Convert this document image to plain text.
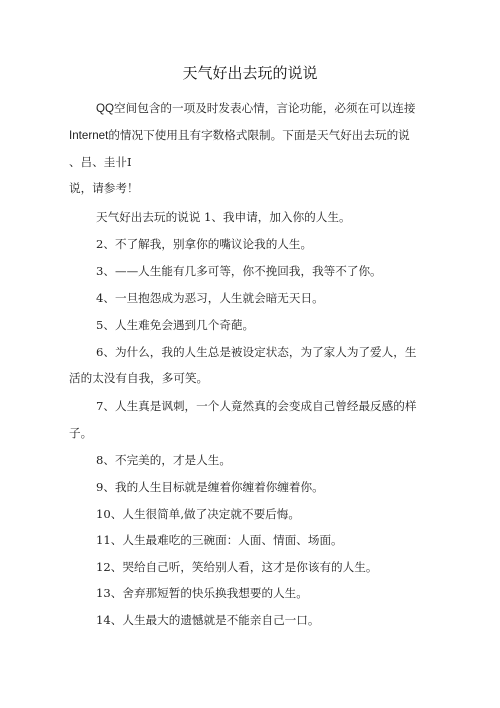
天气好出去玩的说说
QQ空间包含的一项及时发表心情，言论功能，必须在可以连接
Internet的情况下使用且有字数格式限制。下面是天气好出去玩的说
、吕、圭卝Ⅰ
说，请参考！
天气好出去玩的说说 1、我申请，加入你的人生。
2、不了解我，别拿你的嘴议论我的人生。
3、——人生能有几多可等，你不挽回我，我等不了你。
4、一旦抱怨成为恶习，人生就会暗无天日。
5、人生难免会遇到几个奇葩。
6、为什么，我的人生总是被设定状态，为了家人为了爱人，生
活的太没有自我，多可笑。
7、人生真是讽刺，一个人竟然真的会变成自己曾经最反感的样
子。
8、不完美的，才是人生。
9、我的人生目标就是缠着你缠着你缠着你。
10、人生很简单,做了决定就不要后悔。
11、人生最难吃的三碗面：人面、情面、场面。
12、哭给自己听，笑给别人看，这才是你该有的人生。
13、舍弃那短暂的快乐换我想要的人生。
14、人生最大的遗憾就是不能亲自己一口。
